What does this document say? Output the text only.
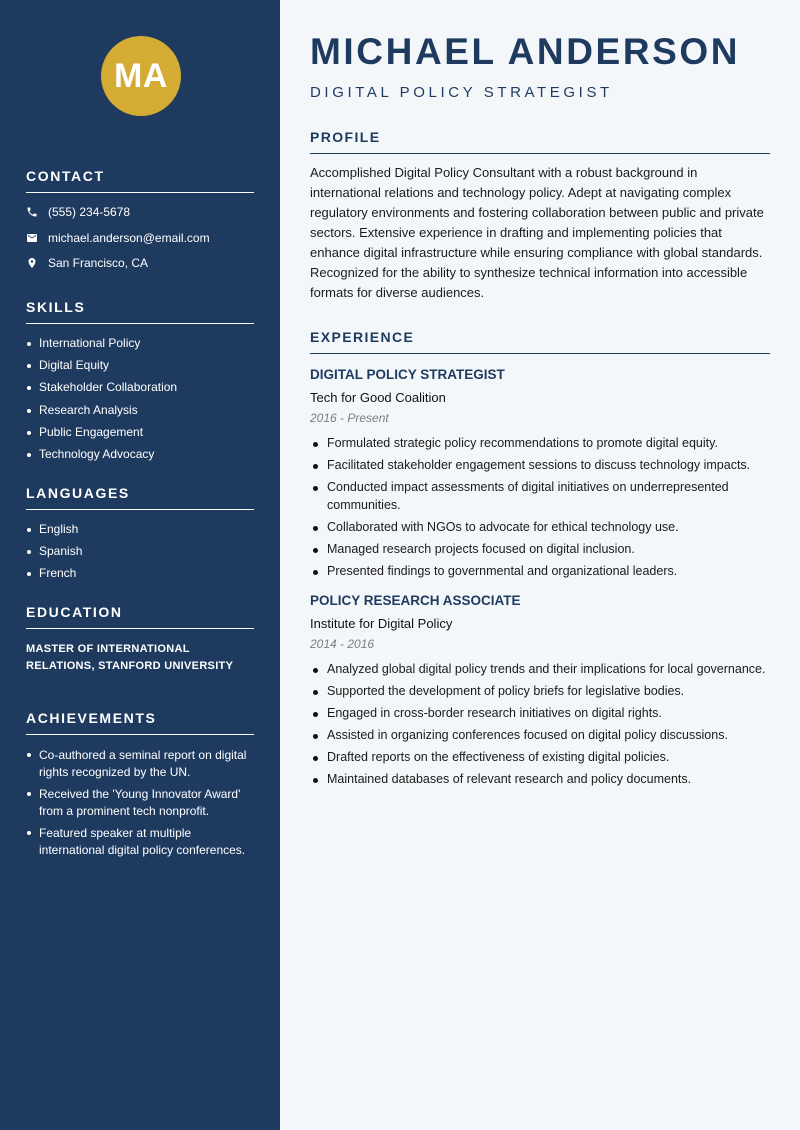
MA
CONTACT
(555) 234-5678
michael.anderson@email.com
San Francisco, CA
SKILLS
International Policy
Digital Equity
Stakeholder Collaboration
Research Analysis
Public Engagement
Technology Advocacy
LANGUAGES
English
Spanish
French
EDUCATION
MASTER OF INTERNATIONAL
RELATIONS, STANFORD UNIVERSITY
ACHIEVEMENTS
Co-authored a seminal report on digital
rights recognized by the UN.
Received the 'Young Innovator Award'
from a prominent tech nonprofit.
Featured speaker at multiple
international digital policy conferences.
MICHAEL ANDERSON
DIGITAL POLICY STRATEGIST
PROFILE

Accomplished Digital Policy Consultant with a robust background in international relations and technology policy. Adept at navigating complex regulatory environments and fostering collaboration between public and private sectors. Extensive experience in drafting and implementing policies that enhance digital infrastructure while ensuring compliance with global standards. Recognized for the ability to synthesize technical information into accessible formats for diverse audiences.

EXPERIENCE
DIGITAL POLICY STRATEGIST
Tech for Good Coalition
2016 - Present
Formulated strategic policy recommendations to promote digital equity.
Facilitated stakeholder engagement sessions to discuss technology impacts.
Conducted impact assessments of digital initiatives on underrepresented communities.
Collaborated with NGOs to advocate for ethical technology use.
Managed research projects focused on digital inclusion.
Presented findings to governmental and organizational leaders.
POLICY RESEARCH ASSOCIATE
Institute for Digital Policy
2014 - 2016
Analyzed global digital policy trends and their implications for local governance.
Supported the development of policy briefs for legislative bodies.
Engaged in cross-border research initiatives on digital rights.
Assisted in organizing conferences focused on digital policy discussions.
Drafted reports on the effectiveness of existing digital policies.
Maintained databases of relevant research and policy documents.
